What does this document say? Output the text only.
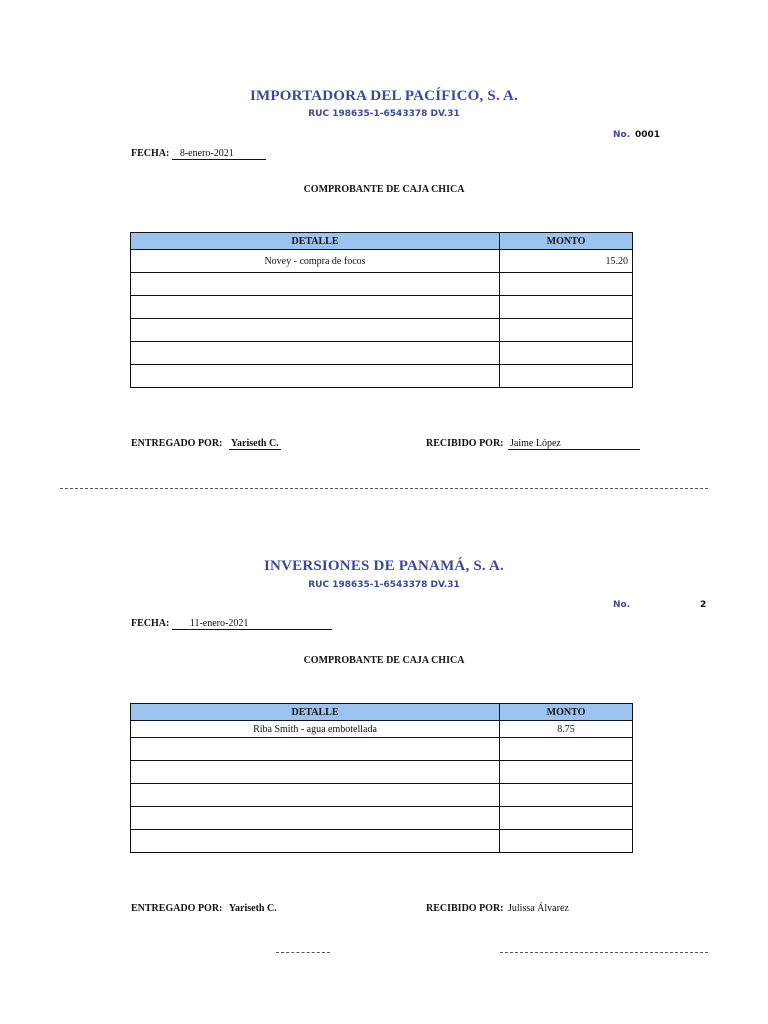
IMPORTADORA DEL PACÍFICO, S. A.
RUC 198635-1-6543378 DV.31
No. 0001
FECHA: 8-enero-2021
COMPROBANTE DE CAJA CHICA
DETALLE	MONTO
Novey - compra de focos	15.20

ENTREGADO POR: Yariseth C.	RECIBIDO POR: Jaime López
INVERSIONES DE PANAMÁ, S. A.
RUC 198635-1-6543378 DV.31
No.	2
FECHA: 11-enero-2021
COMPROBANTE DE CAJA CHICA
DETALLE	MONTO
Riba Smith - agua embotellada	8.75

ENTREGADO POR: Yariseth C.	RECIBIDO POR: Julissa Álvarez
